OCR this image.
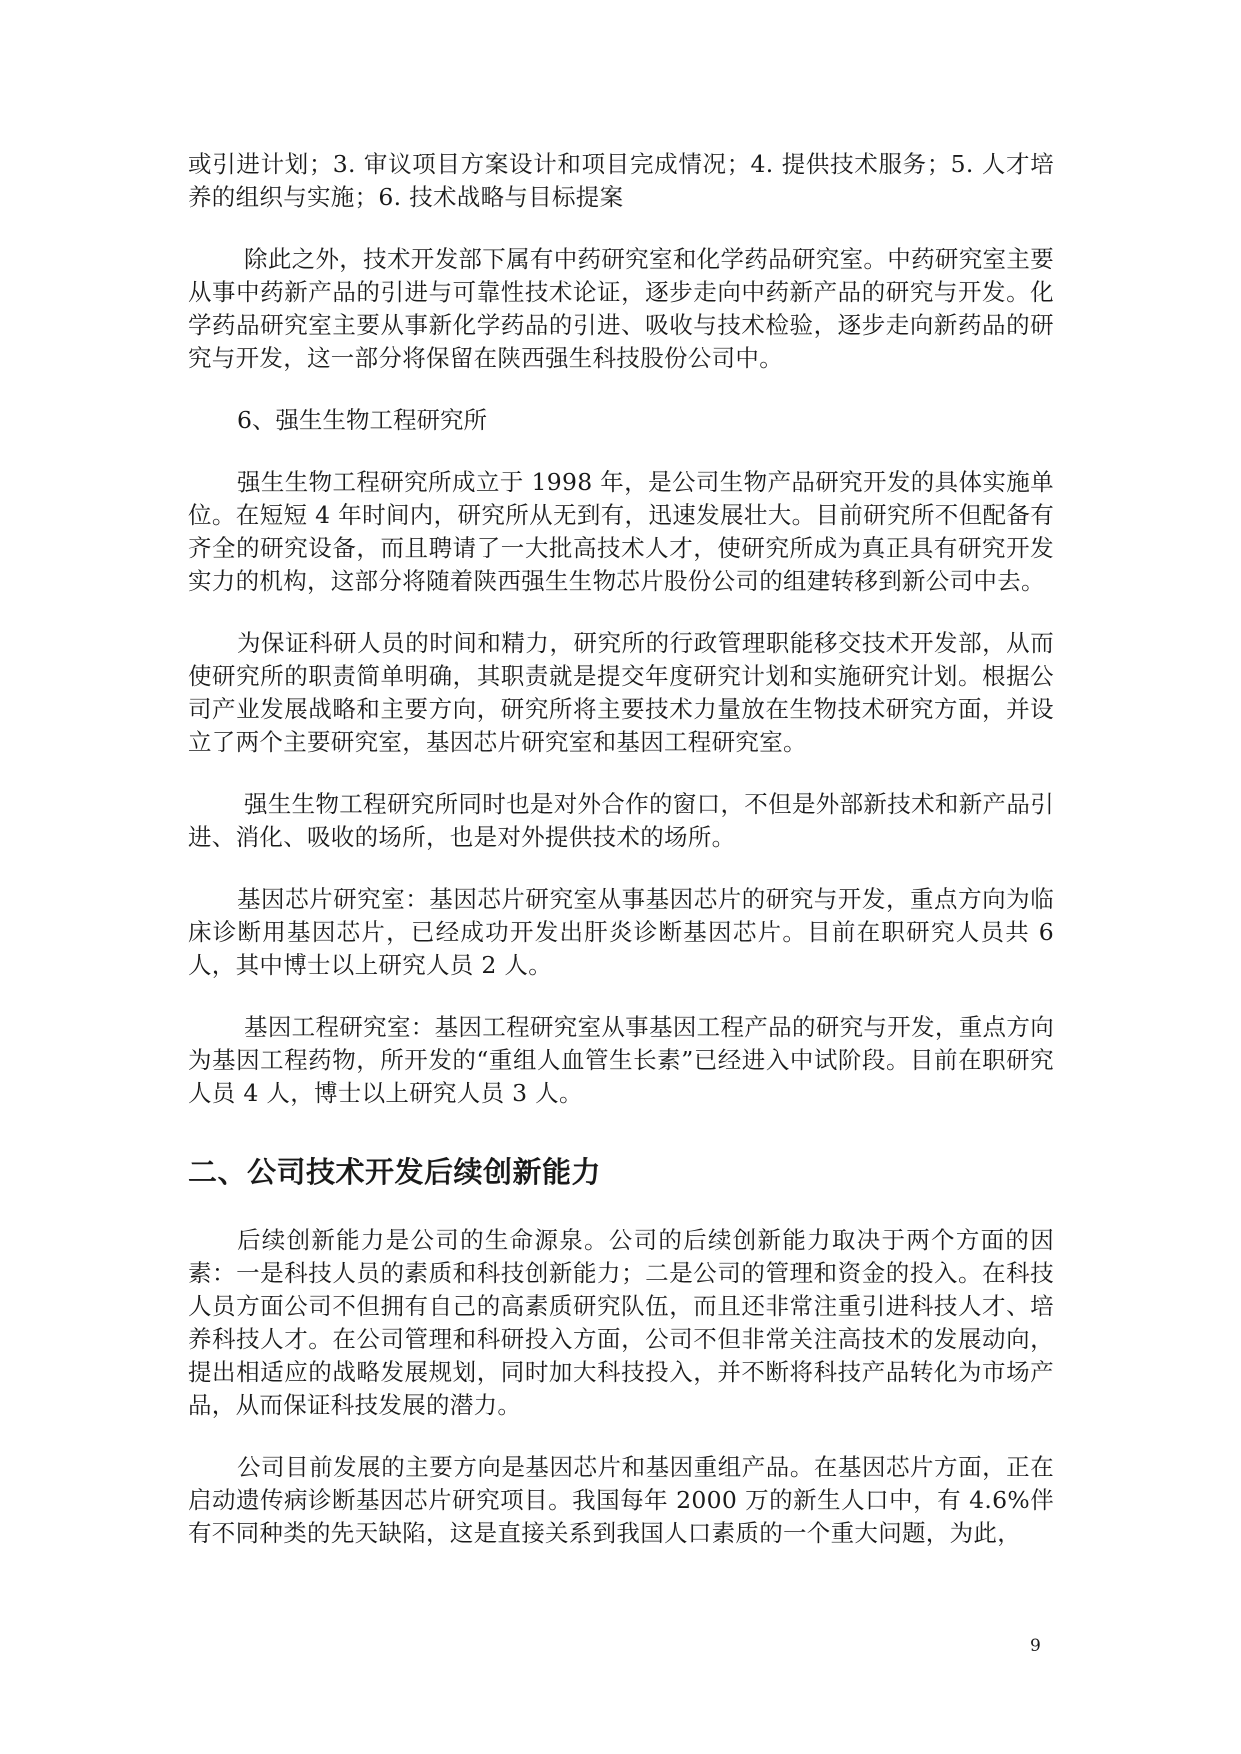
或引进计划；3. 审议项目方案设计和项目完成情况；4. 提供技术服务；5. 人才培养的组织与实施；6. 技术战略与目标提案

除此之外，技术开发部下属有中药研究室和化学药品研究室。中药研究室主要从事中药新产品的引进与可靠性技术论证，逐步走向中药新产品的研究与开发。化学药品研究室主要从事新化学药品的引进、吸收与技术检验，逐步走向新药品的研究与开发，这一部分将保留在陕西强生科技股份公司中。

6、强生生物工程研究所

强生生物工程研究所成立于 1998 年，是公司生物产品研究开发的具体实施单位。在短短 4 年时间内，研究所从无到有，迅速发展壮大。目前研究所不但配备有齐全的研究设备，而且聘请了一大批高技术人才，使研究所成为真正具有研究开发实力的机构，这部分将随着陕西强生生物芯片股份公司的组建转移到新公司中去。

为保证科研人员的时间和精力，研究所的行政管理职能移交技术开发部，从而使研究所的职责简单明确，其职责就是提交年度研究计划和实施研究计划。根据公司产业发展战略和主要方向，研究所将主要技术力量放在生物技术研究方面，并设立了两个主要研究室，基因芯片研究室和基因工程研究室。

强生生物工程研究所同时也是对外合作的窗口，不但是外部新技术和新产品引进、消化、吸收的场所，也是对外提供技术的场所。

基因芯片研究室：基因芯片研究室从事基因芯片的研究与开发，重点方向为临床诊断用基因芯片，已经成功开发出肝炎诊断基因芯片。目前在职研究人员共 6 人，其中博士以上研究人员 2 人。

基因工程研究室：基因工程研究室从事基因工程产品的研究与开发，重点方向为基因工程药物，所开发的“重组人血管生长素”已经进入中试阶段。目前在职研究人员 4 人，博士以上研究人员 3 人。

二、公司技术开发后续创新能力

后续创新能力是公司的生命源泉。公司的后续创新能力取决于两个方面的因素：一是科技人员的素质和科技创新能力；二是公司的管理和资金的投入。在科技人员方面公司不但拥有自己的高素质研究队伍，而且还非常注重引进科技人才、培养科技人才。在公司管理和科研投入方面，公司不但非常关注高技术的发展动向，提出相适应的战略发展规划，同时加大科技投入，并不断将科技产品转化为市场产品，从而保证科技发展的潜力。

公司目前发展的主要方向是基因芯片和基因重组产品。在基因芯片方面，正在启动遗传病诊断基因芯片研究项目。我国每年 2000 万的新生人口中，有 4.6%伴有不同种类的先天缺陷，这是直接关系到我国人口素质的一个重大问题，为此，

9
